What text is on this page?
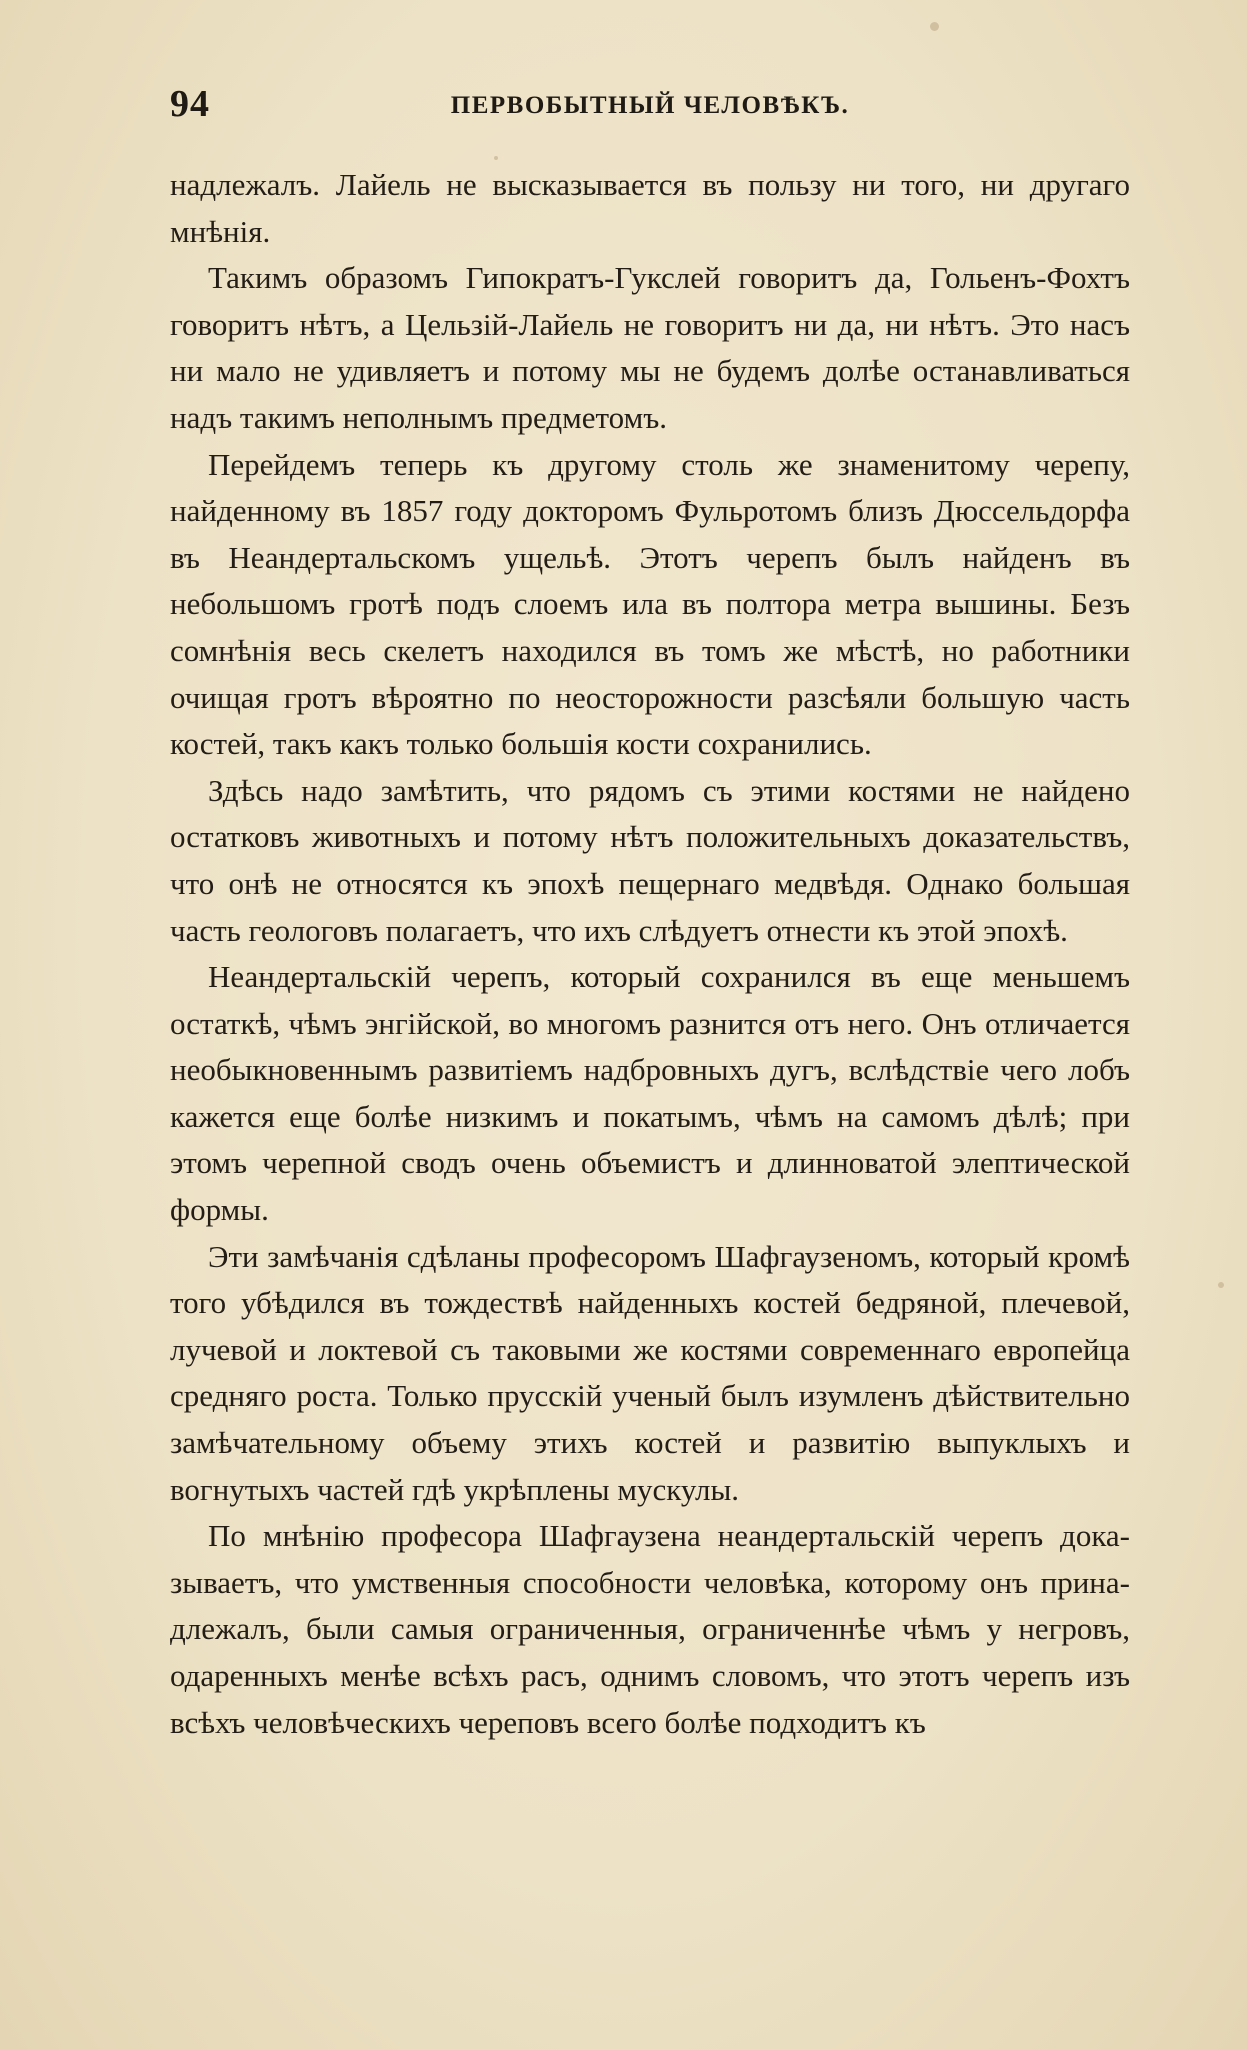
94	ПЕРВОБЫТНЫЙ ЧЕЛОВѢКЪ.

надлежалъ. Лайель не высказывается въ пользу ни того, ни другаго мнѣнія.

Такимъ образомъ Гипократъ-Гукслей говоритъ да, Гольенъ-Фохтъ говоритъ нѣтъ, а Цельзій-Лайель не говоритъ ни да, ни нѣтъ. Это насъ ни мало не удивляетъ и потому мы не будемъ долѣе останавливаться надъ такимъ неполнымъ предметомъ.

Перейдемъ теперь къ другому столь же знаменитому черепу, найденному въ 1857 году докторомъ Фульротомъ близъ Дюссельдорфа въ Неандертальскомъ ущельѣ. Этотъ черепъ былъ найденъ въ небольшомъ гротѣ подъ слоемъ ила въ полтора метра вышины. Безъ сомнѣнія весь скелетъ находился въ томъ же мѣстѣ, но работники очищая гротъ вѣроятно по неосторожности разсѣяли большую часть костей, такъ какъ только большія кости сохранились.

Здѣсь надо замѣтить, что рядомъ съ этими костями не найдено остатковъ животныхъ и потому нѣтъ положительныхъ доказательствъ, что онѣ не относятся къ эпохѣ пещернаго медвѣдя. Однако большая часть геологовъ полагаетъ, что ихъ слѣдуетъ отнести къ этой эпохѣ.

Неандертальскій черепъ, который сохранился въ еще меньшемъ остаткѣ, чѣмъ энгійской, во многомъ разнится отъ него. Онъ отличается необыкновеннымъ развитіемъ надбровныхъ дугъ, вслѣдствіе чего лобъ кажется еще болѣе низкимъ и покатымъ, чѣмъ на самомъ дѣлѣ; при этомъ черепной сводъ очень объемистъ и длинноватой элептической формы.

Эти замѣчанія сдѣланы професоромъ Шафгаузеномъ, который кромѣ того убѣдился въ тождествѣ найденныхъ костей бедряной, плечевой, лучевой и локтевой съ таковыми же костями современнаго европейца средняго роста. Только прусскій ученый былъ изумленъ дѣйствительно замѣчательному объему этихъ костей и развитію выпуклыхъ и вогнутыхъ частей гдѣ укрѣплены мускулы.

По мнѣнію професора Шафгаузена неандертальскій черепъ доказываетъ, что умственныя способности человѣка, которому онъ принадлежалъ, были самыя ограниченныя, ограниченнѣе чѣмъ у негровъ, одаренныхъ менѣе всѣхъ расъ, однимъ словомъ, что этотъ черепъ изъ всѣхъ человѣческихъ череповъ всего болѣе подходитъ къ
